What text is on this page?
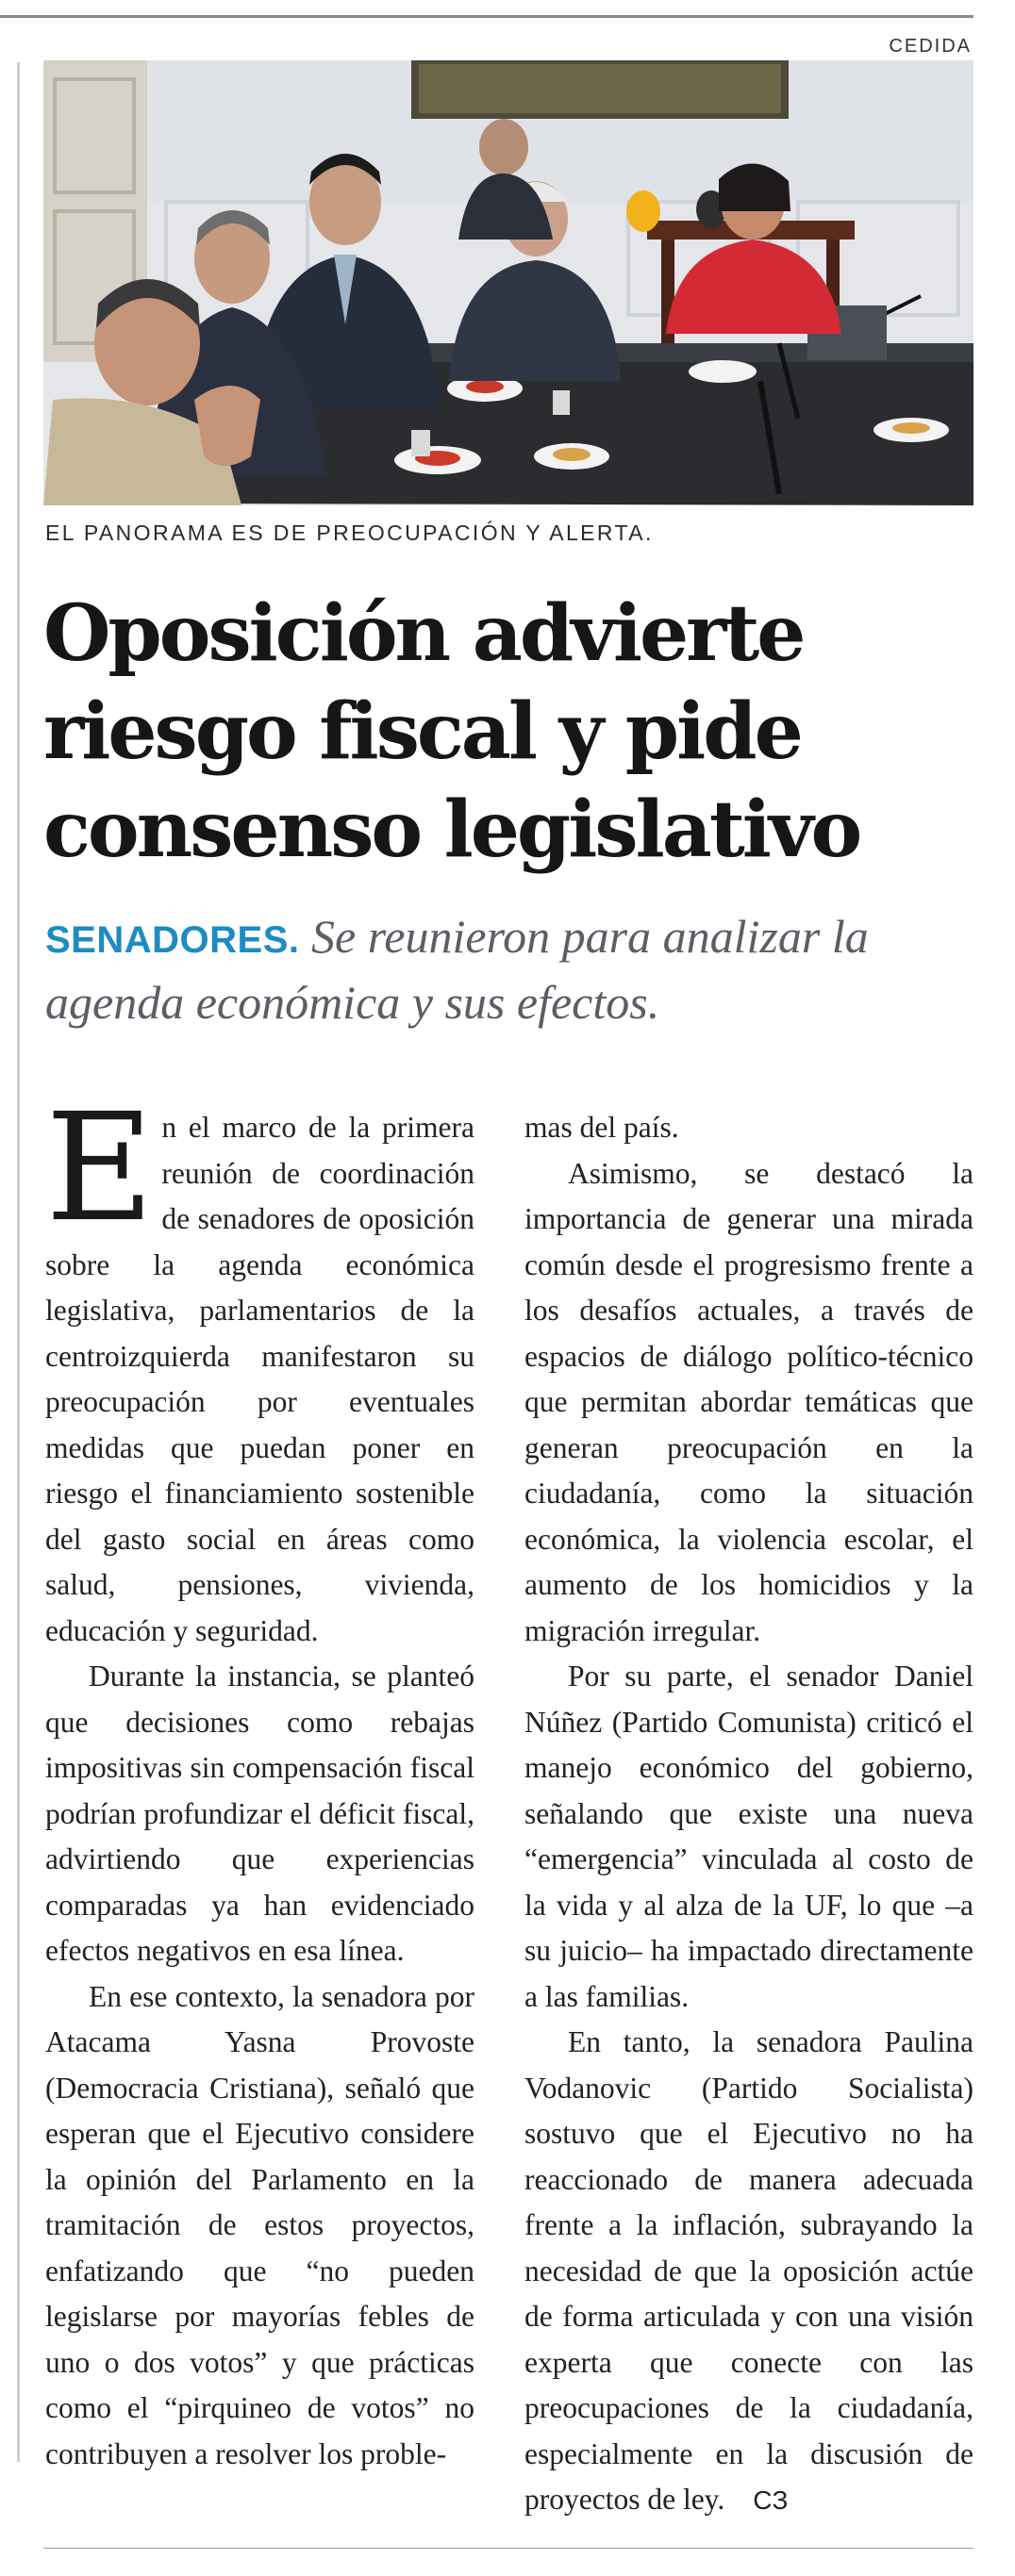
CEDIDA
EL PANORAMA ES DE PREOCUPACIÓN Y ALERTA.
Oposición advierte riesgo fiscal y pide consenso legislativo

SENADORES. Se reunieron para analizar la agenda económica y sus efectos.

En el marco de la primera reunión de coordinación de senadores de oposición sobre la agenda económica legislativa, parlamentarios de la centroizquierda manifestaron su preocupación por eventuales medidas que puedan poner en riesgo el financiamiento sostenible del gasto social en áreas como salud, pensiones, vivienda, educación y seguridad.

Durante la instancia, se planteó que decisiones como rebajas impositivas sin compensación fiscal podrían profundizar el déficit fiscal, advirtiendo que experiencias comparadas ya han evidenciado efectos negativos en esa línea.

En ese contexto, la senadora por Atacama Yasna Provoste (Democracia Cristiana), señaló que esperan que el Ejecutivo considere la opinión del Parlamento en la tramitación de estos proyectos, enfatizando que “no pueden legislarse por mayorías febles de uno o dos votos” y que prácticas como el “pirquineo de votos” no contribuyen a resolver los proble-

mas del país.

Asimismo, se destacó la importancia de generar una mirada común desde el progresismo frente a los desafíos actuales, a través de espacios de diálogo político-técnico que permitan abordar temáticas que generan preocupación en la ciudadanía, como la situación económica, la violencia escolar, el aumento de los homicidios y la migración irregular.

Por su parte, el senador Daniel Núñez (Partido Comunista) criticó el manejo económico del gobierno, señalando que existe una nueva “emergencia” vinculada al costo de la vida y al alza de la UF, lo que –a su juicio– ha impactado directamente a las familias.

En tanto, la senadora Paulina Vodanovic (Partido Socialista) sostuvo que el Ejecutivo no ha reaccionado de manera adecuada frente a la inflación, subrayando la necesidad de que la oposición actúe de forma articulada y con una visión experta que conecte con las preocupaciones de la ciudadanía, especialmente en la discusión de proyectos de ley. CЗ
